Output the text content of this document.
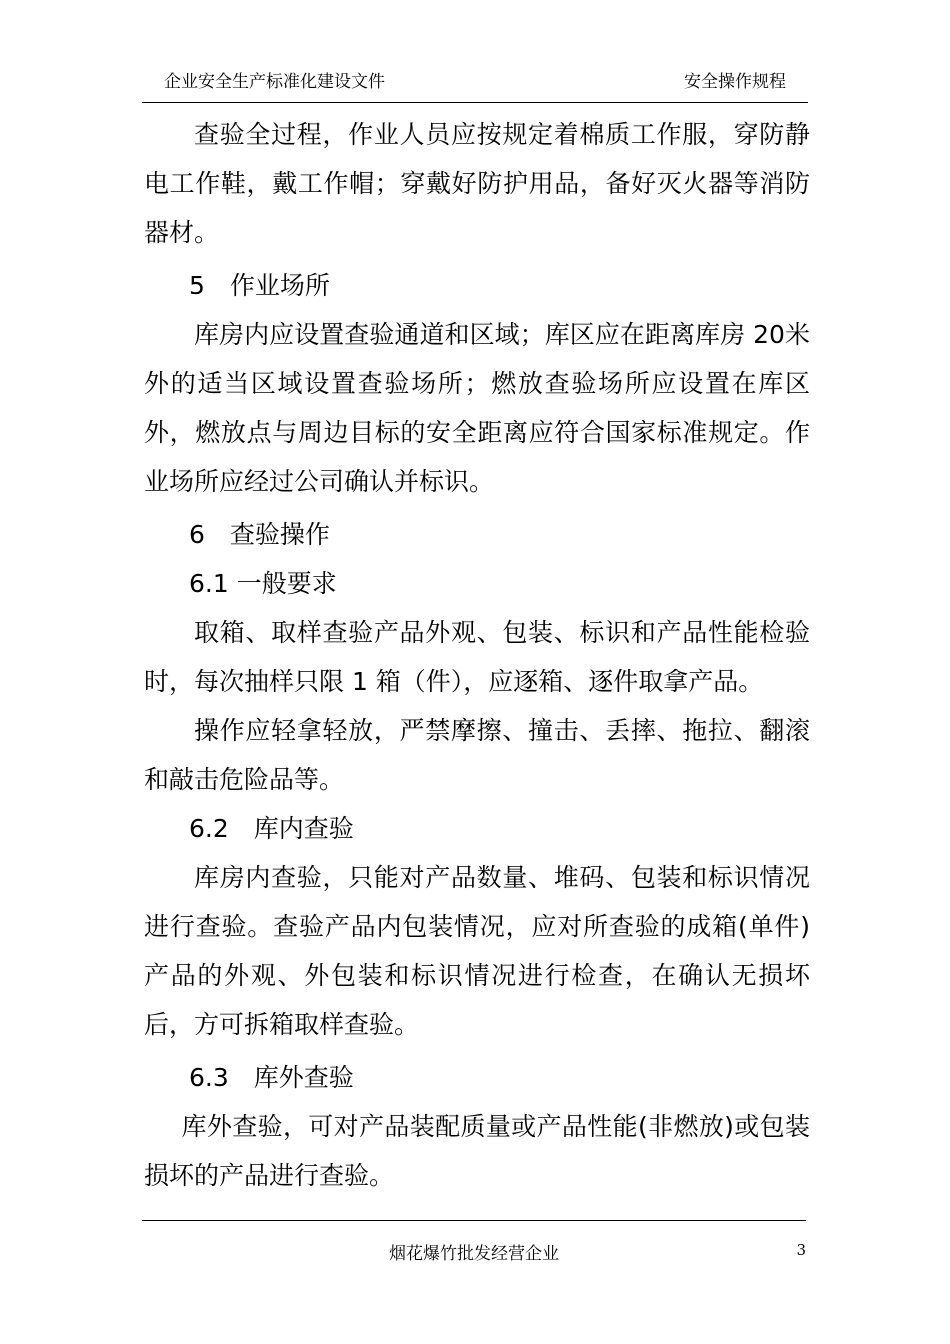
企业安全生产标准化建设文件	安全操作规程

查验全过程，作业人员应按规定着棉质工作服，穿防静电工作鞋，戴工作帽；穿戴好防护用品，备好灭火器等消防器材。

5　作业场所

库房内应设置查验通道和区域；库区应在距离库房 20米外的适当区域设置查验场所；燃放查验场所应设置在库区外，燃放点与周边目标的安全距离应符合国家标准规定。作业场所应经过公司确认并标识。

6　查验操作

6.1 一般要求

取箱、取样查验产品外观、包装、标识和产品性能检验时，每次抽样只限 1 箱（件），应逐箱、逐件取拿产品。

操作应轻拿轻放，严禁摩擦、撞击、丢摔、拖拉、翻滚和敲击危险品等。

6.2　库内查验

库房内查验，只能对产品数量、堆码、包装和标识情况进行查验。查验产品内包装情况，应对所查验的成箱(单件)产品的外观、外包装和标识情况进行检查，在确认无损坏后，方可拆箱取样查验。

6.3　库外查验

库外查验，可对产品装配质量或产品性能(非燃放)或包装损坏的产品进行查验。

烟花爆竹批发经营企业	3
